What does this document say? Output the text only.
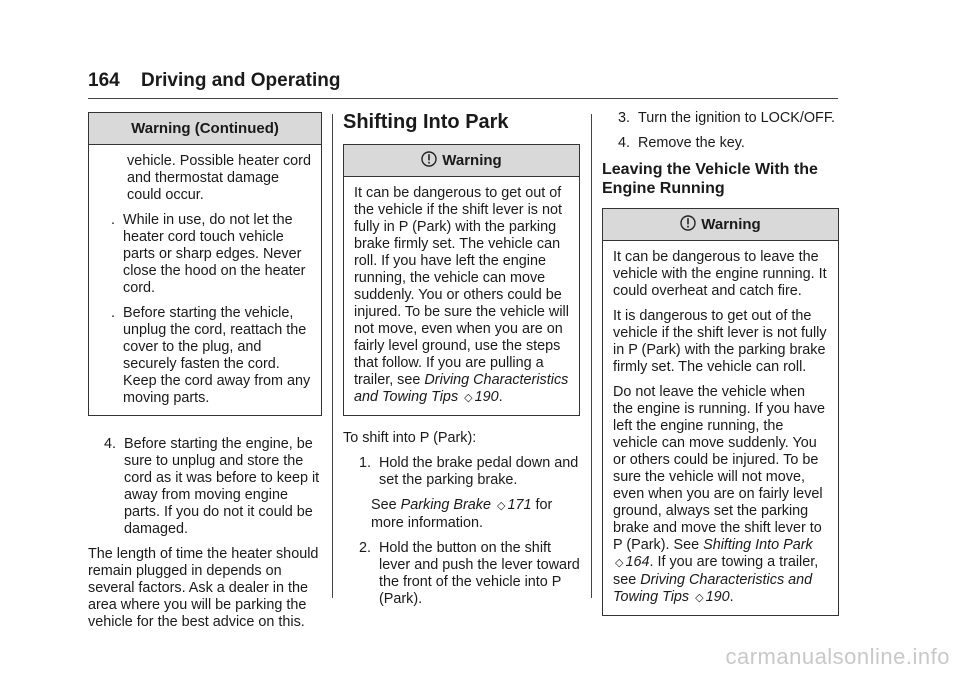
164 Driving and Operating
Warning (Continued)
vehicle. Possible heater cord and thermostat damage could occur.
. While in use, do not let the heater cord touch vehicle parts or sharp edges. Never close the hood on the heater cord.
. Before starting the vehicle, unplug the cord, reattach the cover to the plug, and securely fasten the cord. Keep the cord away from any moving parts.
4. Before starting the engine, be sure to unplug and store the cord as it was before to keep it away from moving engine parts. If you do not it could be damaged.

The length of time the heater should remain plugged in depends on several factors. Ask a dealer in the area where you will be parking the vehicle for the best advice on this.

Shifting Into Park
Warning

It can be dangerous to get out of the vehicle if the shift lever is not fully in P (Park) with the parking brake firmly set. The vehicle can roll. If you have left the engine running, the vehicle can move suddenly. You or others could be injured. To be sure the vehicle will not move, even when you are on fairly level ground, use the steps that follow. If you are pulling a trailer, see Driving Characteristics and Towing Tips ◇ 190.

To shift into P (Park):

1. Hold the brake pedal down and set the parking brake.
See Parking Brake ◇ 171 for more information.
2. Hold the button on the shift lever and push the lever toward the front of the vehicle into P (Park).
3. Turn the ignition to LOCK/OFF.
4. Remove the key.
Leaving the Vehicle With the Engine Running
Warning

It can be dangerous to leave the vehicle with the engine running. It could overheat and catch fire.

It is dangerous to get out of the vehicle if the shift lever is not fully in P (Park) with the parking brake firmly set. The vehicle can roll.

Do not leave the vehicle when the engine is running. If you have left the engine running, the vehicle can move suddenly. You or others could be injured. To be sure the vehicle will not move, even when you are on fairly level ground, always set the parking brake and move the shift lever to P (Park). See Shifting Into Park ◇ 164. If you are towing a trailer, see Driving Characteristics and Towing Tips ◇ 190.

carmanualsonline.info
